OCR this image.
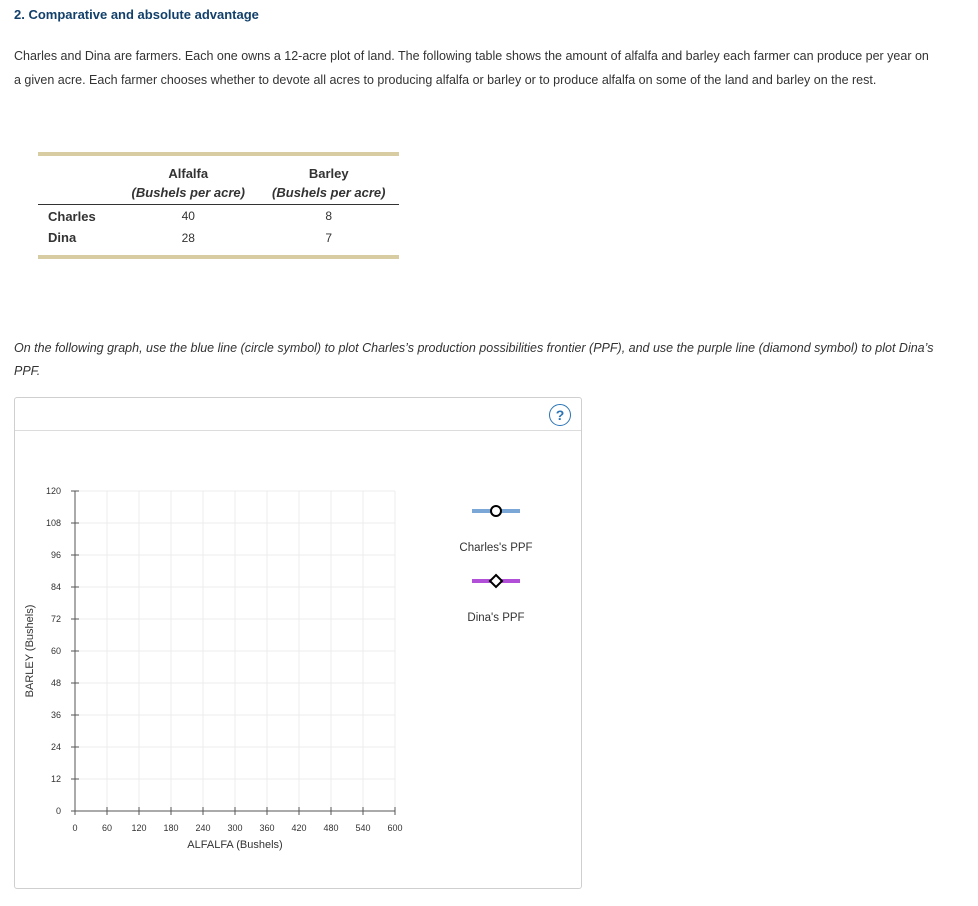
2. Comparative and absolute advantage
Charles and Dina are farmers. Each one owns a 12-acre plot of land. The following table shows the amount of alfalfa and barley each farmer can produce per year on a given acre. Each farmer chooses whether to devote all acres to producing alfalfa or barley or to produce alfalfa on some of the land and barley on the rest.

	Alfalfa	Barley
	(Bushels per acre)	(Bushels per acre)
Charles	40	8
Dina	28	7

On the following graph, use the blue line (circle symbol) to plot Charles’s production possibilities frontier (PPF), and use the purple line (diamond symbol) to plot Dina’s PPF.
?
0	60 120 180 240 300 360 420 480 540 600
0
12
24
36
48
60
72
84
96
108
120
ALFALFA (Bushels)
BARLEY (Bushels)
Charles's PPF
Dina's PPF
